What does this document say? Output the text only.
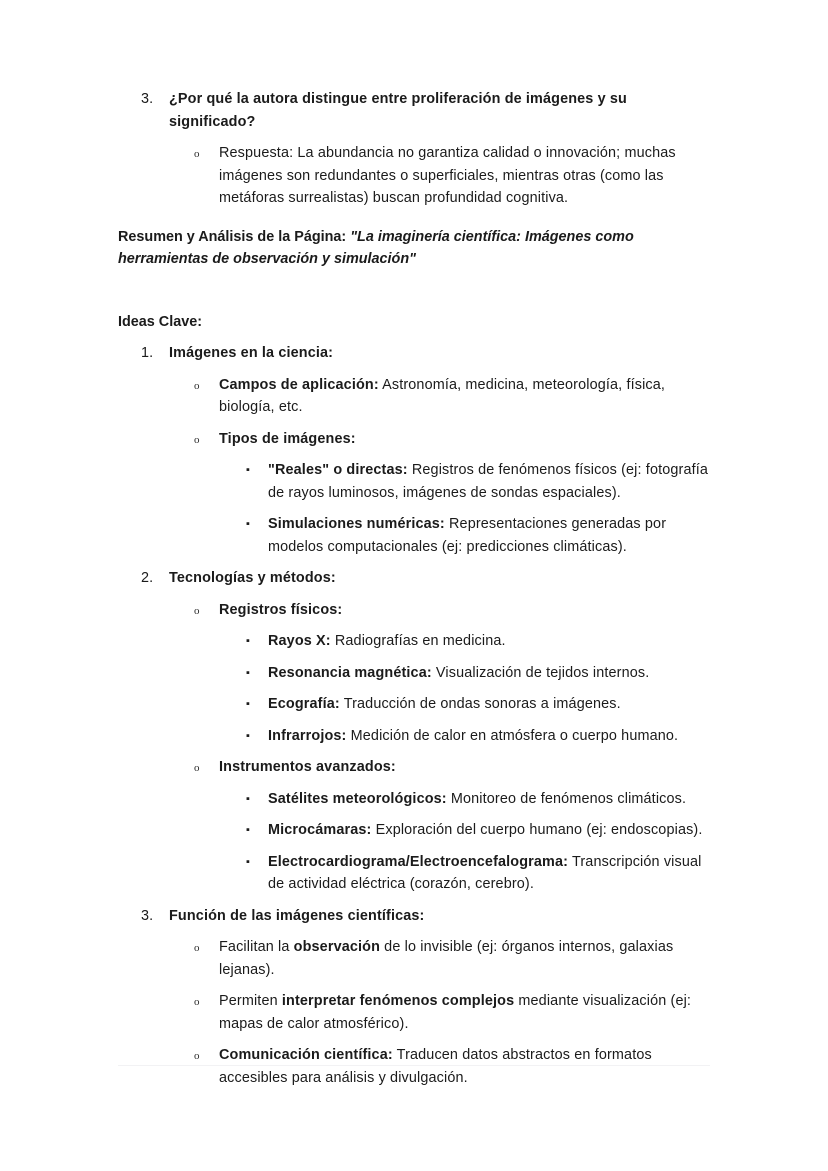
3.	¿Por qué la autora distingue entre proliferación de imágenes y su significado?
o Respuesta: La abundancia no garantiza calidad o innovación; muchas imágenes son redundantes o superficiales, mientras otras (como las metáforas surrealistas) buscan profundidad cognitiva.
Resumen y Análisis de la Página: "La imaginería científica: Imágenes como herramientas de observación y simulación"
Ideas Clave:
1.	Imágenes en la ciencia:
o Campos de aplicación: Astronomía, medicina, meteorología, física, biología, etc.
o Tipos de imágenes:
▪ "Reales" o directas: Registros de fenómenos físicos (ej: fotografía de rayos luminosos, imágenes de sondas espaciales).
▪ Simulaciones numéricas: Representaciones generadas por modelos computacionales (ej: predicciones climáticas).
2.	Tecnologías y métodos:
o Registros físicos:
▪ Rayos X: Radiografías en medicina.
▪ Resonancia magnética: Visualización de tejidos internos.
▪ Ecografía: Traducción de ondas sonoras a imágenes.
▪ Infrarrojos: Medición de calor en atmósfera o cuerpo humano.
o Instrumentos avanzados:
▪ Satélites meteorológicos: Monitoreo de fenómenos climáticos.
▪ Microcámaras: Exploración del cuerpo humano (ej: endoscopias).
▪ Electrocardiograma/Electroencefalograma: Transcripción visual de actividad eléctrica (corazón, cerebro).
3.	Función de las imágenes científicas:
o Facilitan la observación de lo invisible (ej: órganos internos, galaxias lejanas).
o Permiten interpretar fenómenos complejos mediante visualización (ej: mapas de calor atmosférico).
o Comunicación científica: Traducen datos abstractos en formatos accesibles para análisis y divulgación.
